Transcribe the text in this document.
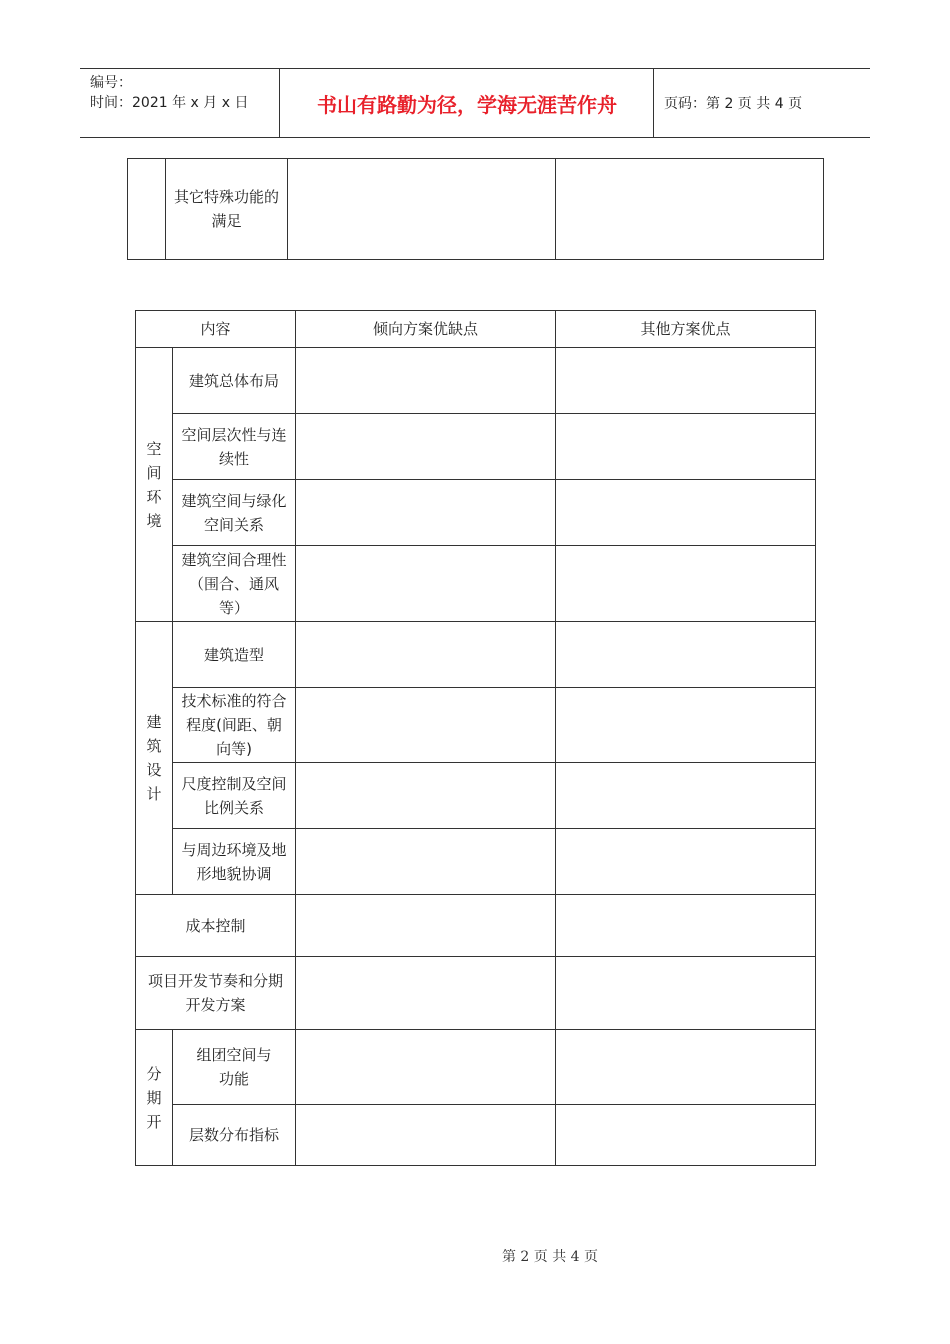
编号：
时间：2021 年 x 月 x 日	书山有路勤为径，学海无涯苦作舟	页码：第 2 页 共 4 页
	其它特殊功能的满足		
内容		倾向方案优缺点	其他方案优点
空
间
环
境	建筑总体布局		
	空间层次性与连续性		
	建筑空间与绿化空间关系		
	建筑空间合理性（围合、通风等）		
建
筑
设
计	建筑造型		
	技术标准的符合程度(间距、朝向等)		
	尺度控制及空间比例关系		
	与周边环境及地形地貌协调		
成本控制			
项目开发节奏和分期开发方案			
分
期
开	组团空间与功能		
	层数分布指标		
第 2 页 共 4 页
